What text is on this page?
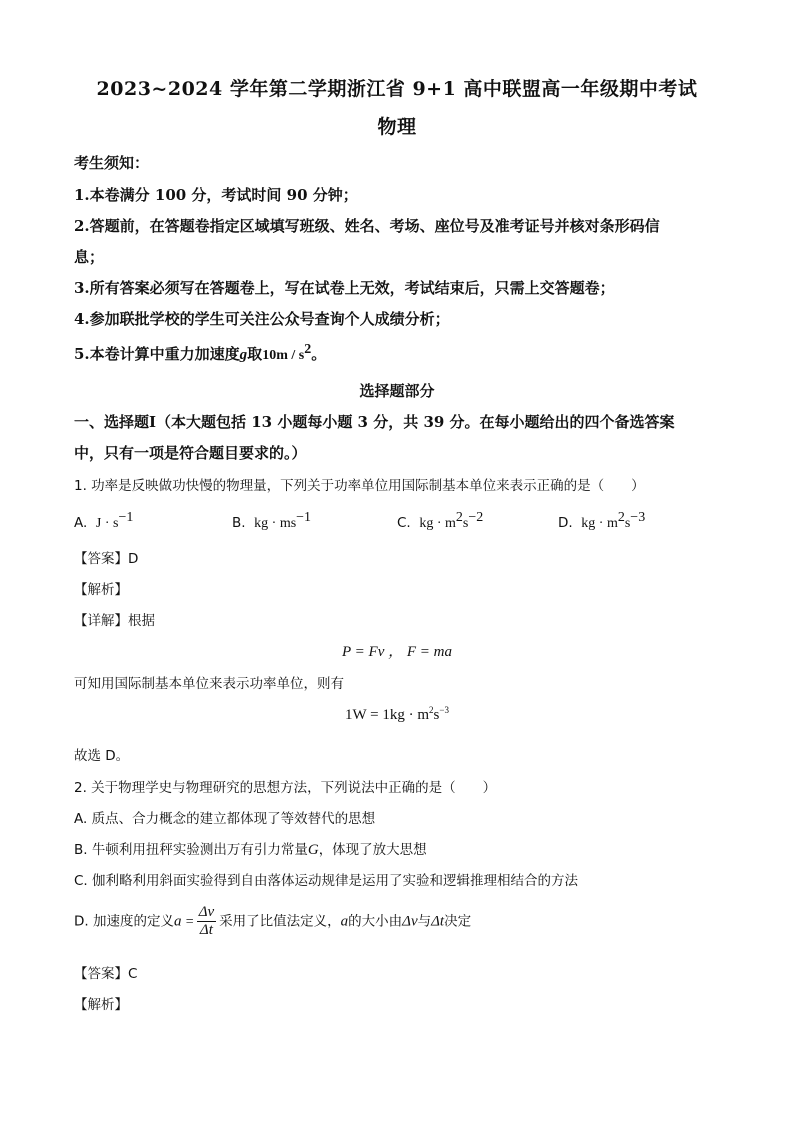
2023~2024 学年第二学期浙江省 9+1 高中联盟高一年级期中考试
物理
考生须知：
1.本卷满分 100 分，考试时间 90 分钟；
2.答题前，在答题卷指定区域填写班级、姓名、考场、座位号及准考证号并核对条形码信
息；
3.所有答案必须写在答题卷上，写在试卷上无效，考试结束后，只需上交答题卷；
4.参加联批学校的学生可关注公众号查询个人成绩分析；
5.本卷计算中重力加速度g取$10m / s^2$。
选择题部分
一、选择题Ⅰ（本大题包括 13 小题每小题 3 分，共 39 分。在每小题给出的四个备选答案
中，只有一项是符合题目要求的。）
1. 功率是反映做功快慢的物理量，下列关于功率单位用国际制基本单位来表示正确的是（　　）
A. $J \cdot s^{-1}$	B. kg · $ms^{-1}$	C. kg · $m^2s^{-2}$	D. kg · $m^2s^{-3}$
【答案】D
【解析】
【详解】根据
P = Fv ， F = ma
可知用国际制基本单位来表示功率单位，则有
$1W = 1kg \cdot m^2s^{-3}$
故选 D。
2. 关于物理学史与物理研究的思想方法，下列说法中正确的是（　　）
A. 质点、合力概念的建立都体现了等效替代的思想
B. 牛顿利用扭秤实验测出万有引力常量G，体现了放大思想
C. 伽利略利用斜面实验得到自由落体运动规律是运用了实验和逻辑推理相结合的方法
D. 加速度的定义$a = \frac{\Delta v}{\Delta t}$ 采用了比值法定义，a的大小由Δv与Δt决定
【答案】C
【解析】
